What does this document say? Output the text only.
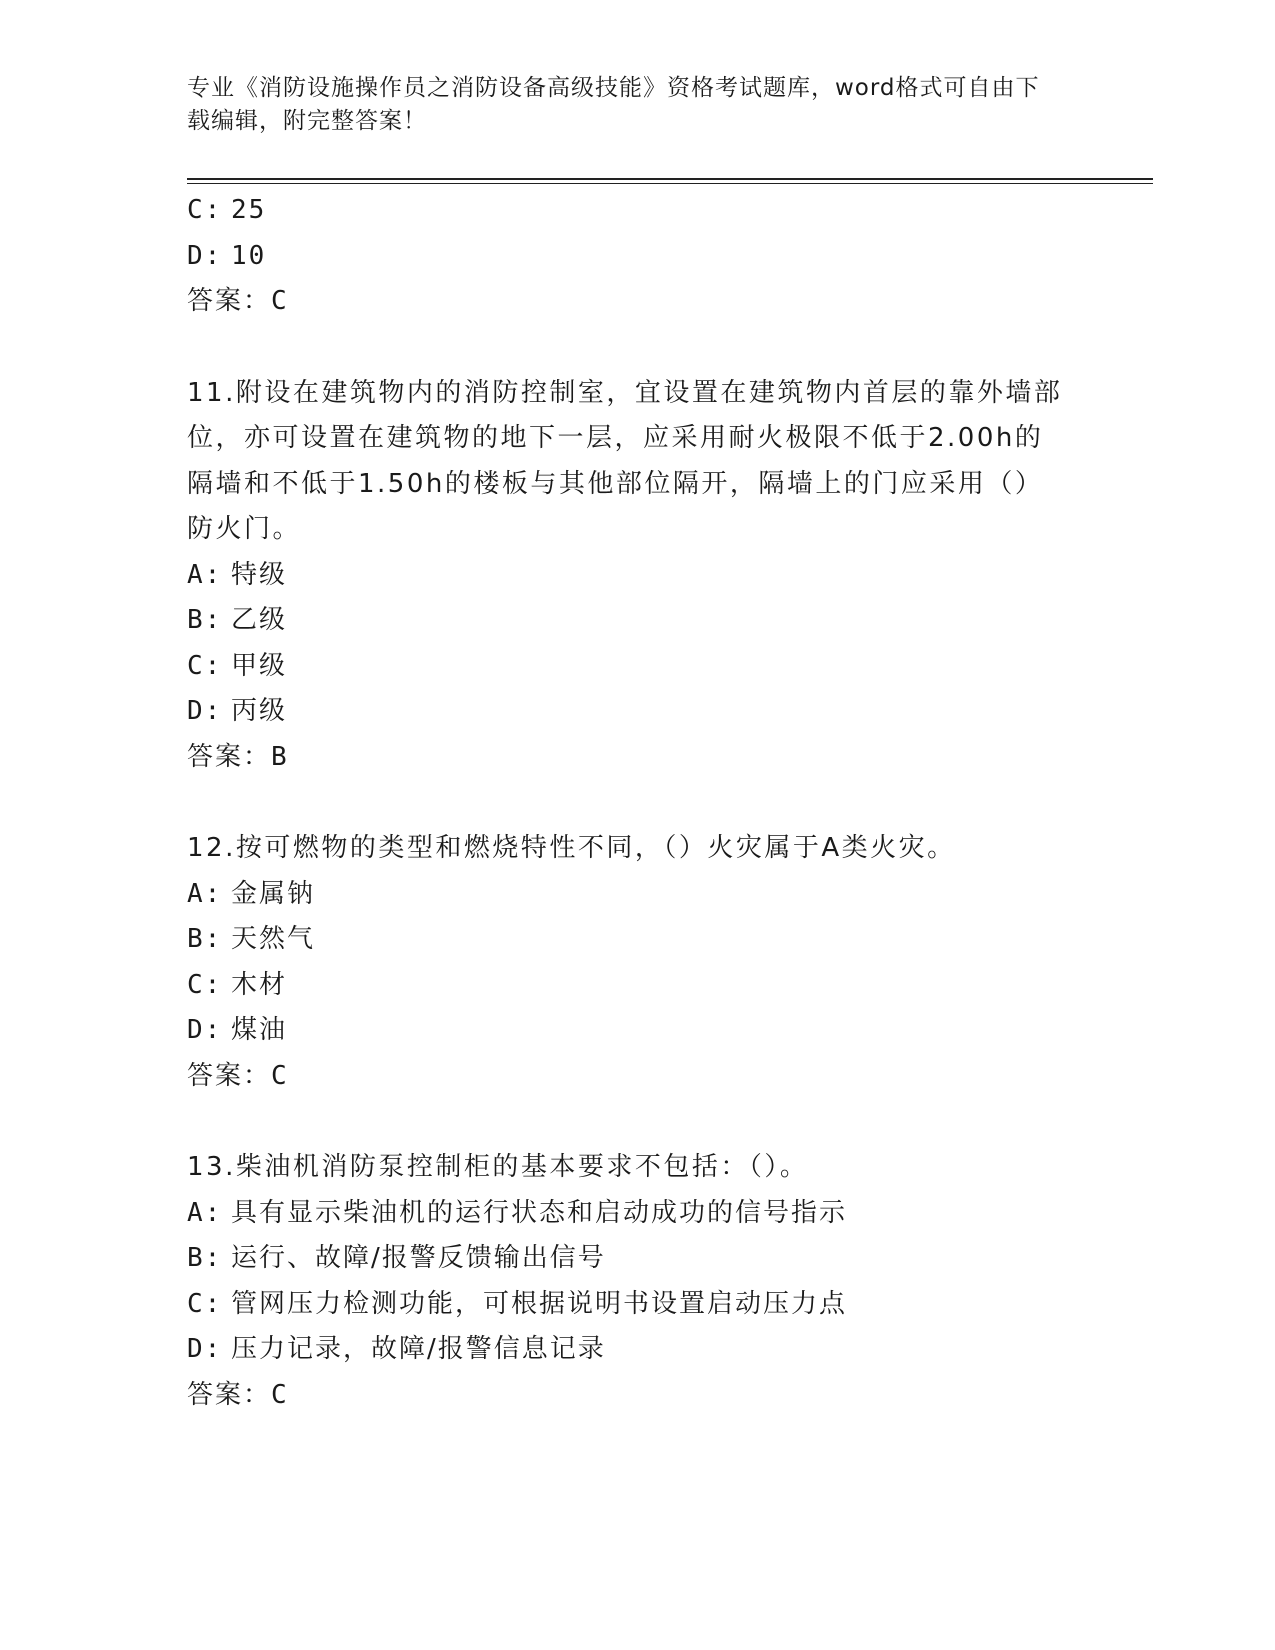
专业《消防设施操作员之消防设备高级技能》资格考试题库，word格式可自由下
载编辑，附完整答案！
C: 25
D: 10
答案：C
11.附设在建筑物内的消防控制室，宜设置在建筑物内首层的靠外墙部
位，亦可设置在建筑物的地下一层，应采用耐火极限不低于2.00h的
隔墙和不低于1.50h的楼板与其他部位隔开，隔墙上的门应采用（）
防火门。
A: 特级
B: 乙级
C: 甲级
D: 丙级
答案：B
12.按可燃物的类型和燃烧特性不同，（）火灾属于A类火灾。
A: 金属钠
B: 天然气
C: 木材
D: 煤油
答案：C
13.柴油机消防泵控制柜的基本要求不包括：（）。
A: 具有显示柴油机的运行状态和启动成功的信号指示
B: 运行、故障/报警反馈输出信号
C: 管网压力检测功能，可根据说明书设置启动压力点
D: 压力记录，故障/报警信息记录
答案：C
